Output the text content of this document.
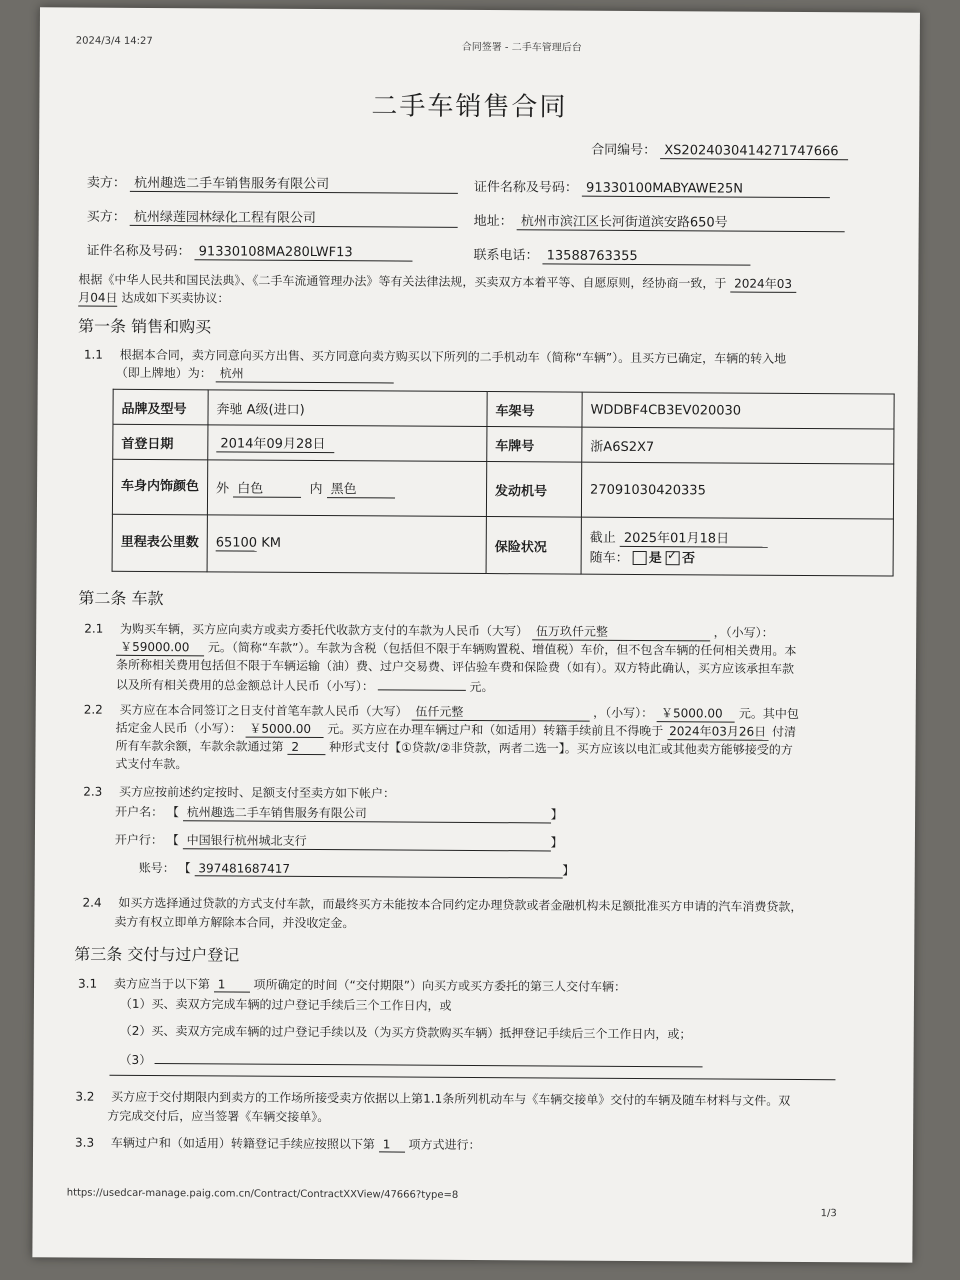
2024/3/4 14:27
合同签署 - 二手车管理后台
二手车销售合同
合同编号： XS2024030414271747666
卖方： 杭州趣选二手车销售服务有限公司	证件名称及号码： 91330100MABYAWE25N
买方： 杭州绿莲园林绿化工程有限公司	地址： 杭州市滨江区长河街道滨安路650号
证件名称及号码： 91330108MA280LWF13	联系电话： 13588763355
根据《中华人民共和国民法典》、《二手车流通管理办法》等有关法律法规，买卖双方本着平等、自愿原则，经协商一致，于 2024年03
月04日 达成如下买卖协议：
第一条 销售和购买
1.1 根据本合同，卖方同意向买方出售、买方同意向卖方购买以下所列的二手机动车（简称“车辆”）。且买方已确定，车辆的转入地
（即上牌地）为： 杭州
品牌及型号	奔驰 A级(进口)	车架号	WDDBF4CB3EV020030
首登日期	2014年09月28日	车牌号	浙A6S2X7
车身内饰颜色	外 白色 内 黑色	发动机号	27091030420335
里程表公里数	65100 KM	保险状况	截止 2025年01月18日
随车： 是 ✓ 否
第二条 车款
2.1 为购买车辆，买方应向卖方或卖方委托代收款方支付的车款为人民币（大写） 伍万玖仟元整	，（小写）：
￥59000.00 元。（简称“车款”）。车款为含税（包括但不限于车辆购置税、增值税）车价，但不包含车辆的任何相关费用。本
条所称相关费用包括但不限于车辆运输（油）费、过户交易费、评估验车费和保险费（如有）。双方特此确认，买方应该承担车款
以及所有相关费用的总金额总计人民币（小写）：	元。
2.2 买方应在本合同签订之日支付首笔车款人民币（大写） 伍仟元整	，（小写）： ￥5000.00 元。其中包
括定金人民币（小写）： ￥5000.00 元。买方应在办理车辆过户和（如适用）转籍手续前且不得晚于 2024年03月26日 付清
所有车款余额，车款余款通过第 2	种形式支付【①贷款/②非贷款，两者二选一】。买方应该以电汇或其他卖方能够接受的方
式支付车款。
2.3 买方应按前述约定按时、足额支付至卖方如下帐户：
开户名： 【 杭州趣选二手车销售服务有限公司	】
开户行： 【 中国银行杭州城北支行	】
账号： 【 397481687417	】
2.4 如买方选择通过贷款的方式支付车款，而最终买方未能按本合同约定办理贷款或者金融机构未足额批准买方申请的汽车消费贷款，
卖方有权立即单方解除本合同，并没收定金。
第三条 交付与过户登记
3.1 卖方应当于以下第 1 项所确定的时间（“交付期限”）向买方或买方委托的第三人交付车辆：
（1）买、卖双方完成车辆的过户登记手续后三个工作日内，或
（2）买、卖双方完成车辆的过户登记手续以及（为买方贷款购买车辆）抵押登记手续后三个工作日内，或；
（3）
3.2 买方应于交付期限内到卖方的工作场所接受卖方依据以上第1.1条所列机动车与《车辆交接单》交付的车辆及随车材料与文件。双
方完成交付后，应当签署《车辆交接单》。
3.3 车辆过户和（如适用）转籍登记手续应按照以下第 1 项方式进行：
https://usedcar-manage.paig.com.cn/Contract/ContractXXView/47666?type=8
1/3
